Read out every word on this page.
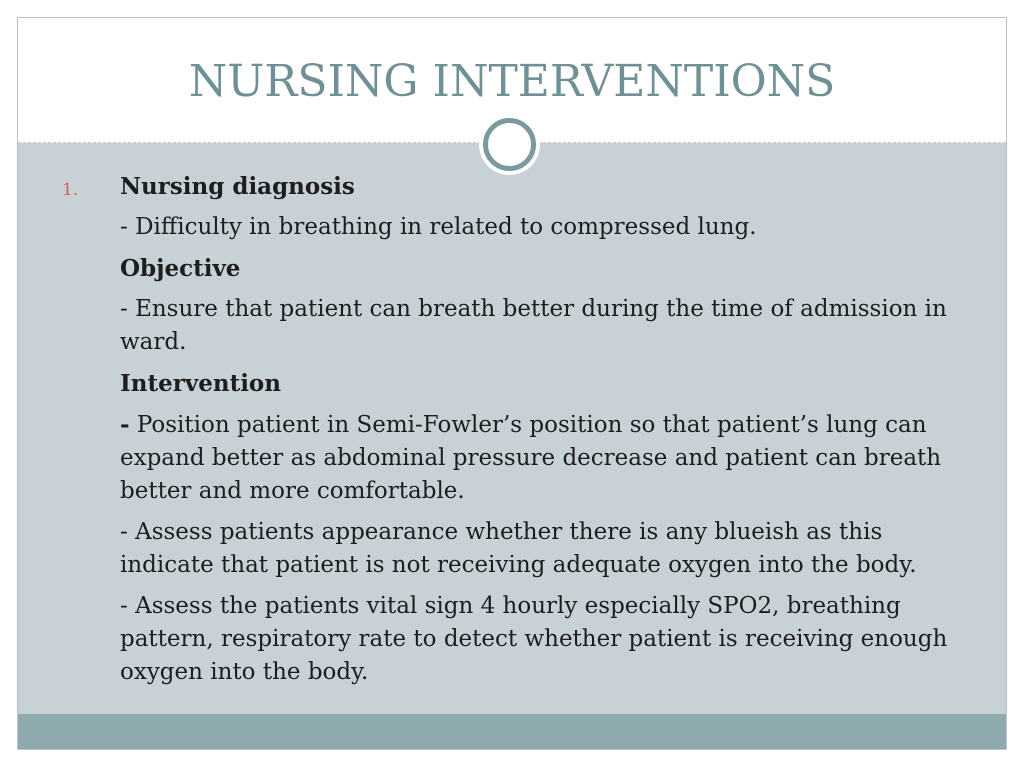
NURSING INTERVENTIONS
1. Nursing diagnosis

- Difficulty in breathing in related to compressed lung.

Objective

- Ensure that patient can breath better during the time of admission in ward.

Intervention

- Position patient in Semi-Fowler’s position so that patient’s lung can expand better as abdominal pressure decrease and patient can breath better and more comfortable.

- Assess patients appearance whether there is any blueish as this indicate that patient is not receiving adequate oxygen into the body.

- Assess the patients vital sign 4 hourly especially SPO2, breathing pattern, respiratory rate to detect whether patient is receiving enough oxygen into the body.
